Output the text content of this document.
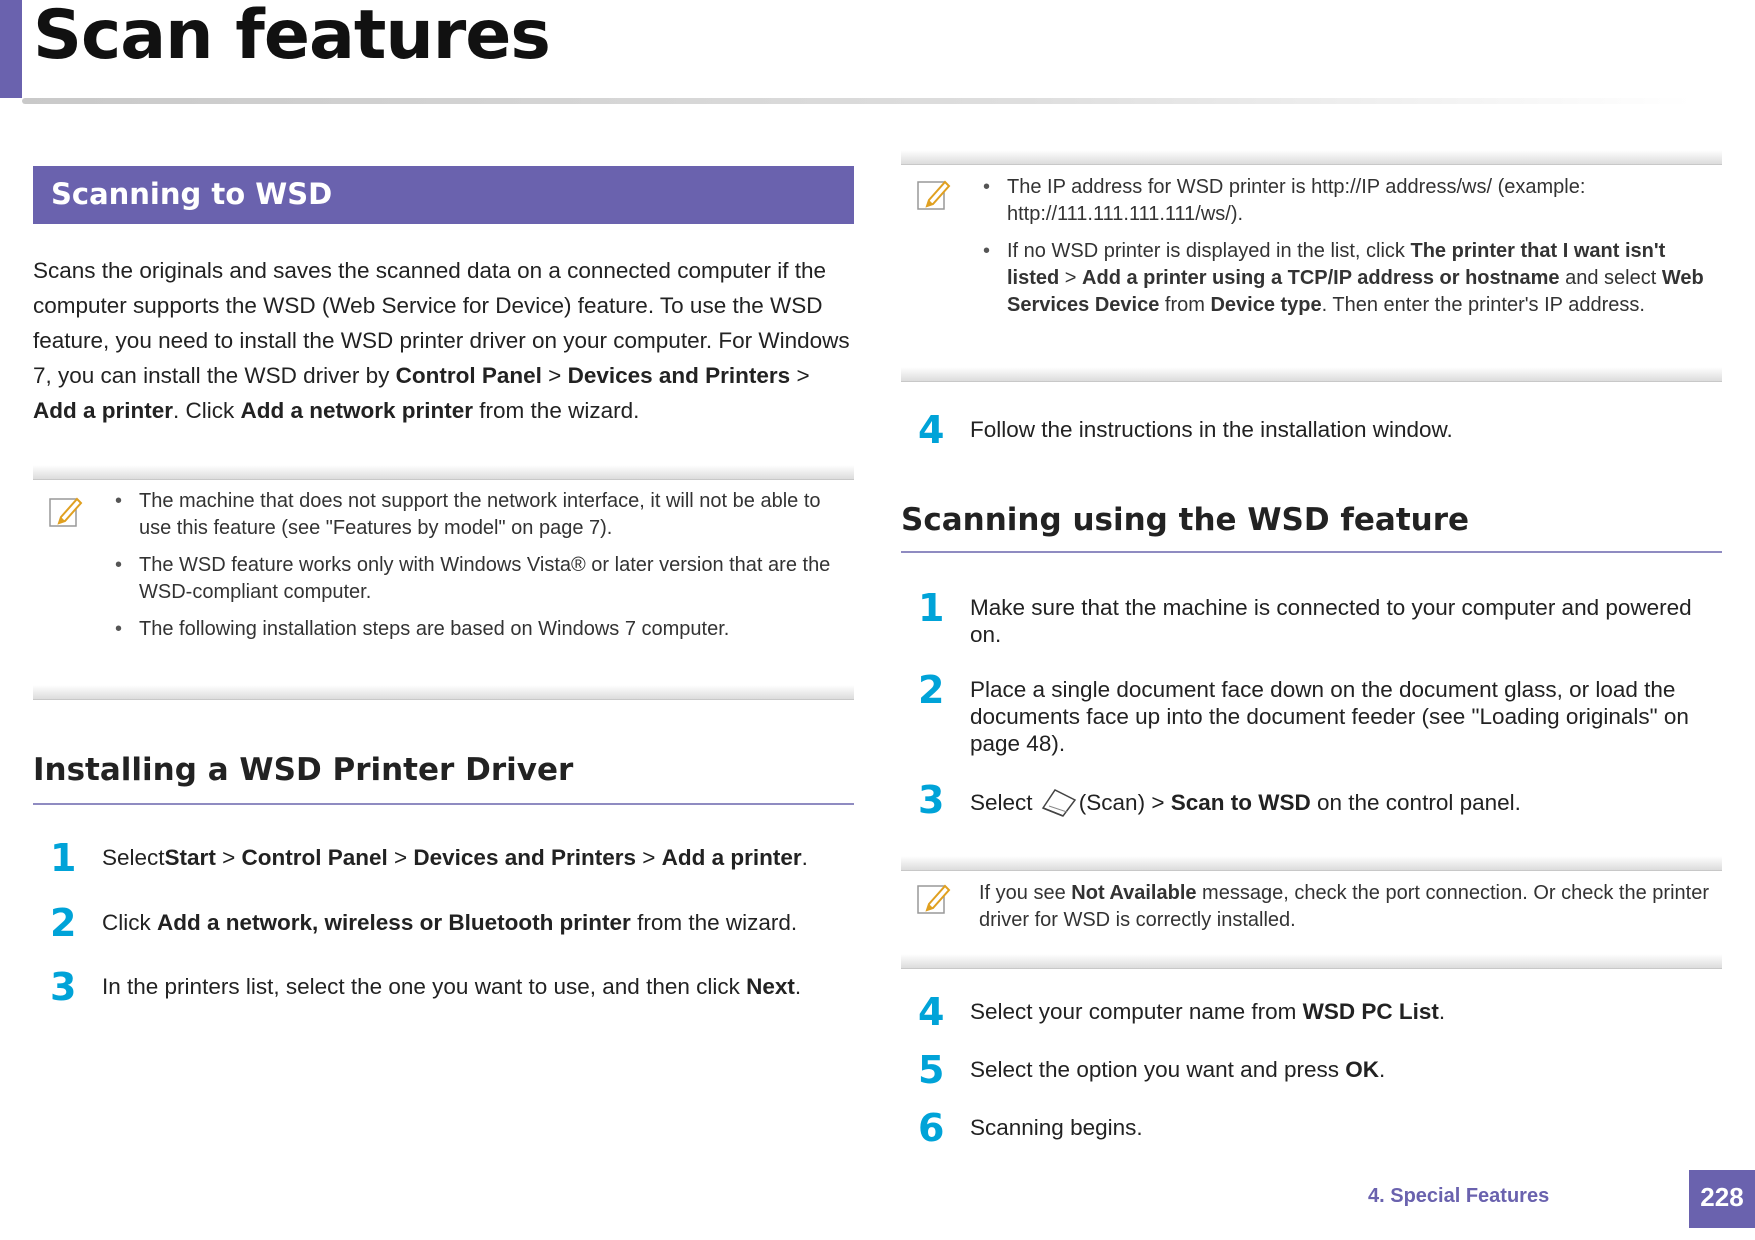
Scan features
Scanning to WSD
Scans the originals and saves the scanned data on a connected computer if the computer supports the WSD (Web Service for Device) feature. To use the WSD feature, you need to install the WSD printer driver on your computer. For Windows 7, you can install the WSD driver by Control Panel > Devices and Printers > Add a printer. Click Add a network printer from the wizard.
• The machine that does not support the network interface, it will not be able to use this feature (see "Features by model" on page 7).
• The WSD feature works only with Windows Vista® or later version that are the WSD-compliant computer.
• The following installation steps are based on Windows 7 computer.
Installing a WSD Printer Driver
1	SelectStart > Control Panel > Devices and Printers > Add a printer.
2	Click Add a network, wireless or Bluetooth printer from the wizard.
3	In the printers list, select the one you want to use, and then click Next.
• The IP address for WSD printer is http://IP address/ws/ (example: http://111.111.111.111/ws/).
• If no WSD printer is displayed in the list, click The printer that I want isn't listed > Add a printer using a TCP/IP address or hostname and select Web Services Device from Device type. Then enter the printer's IP address.
4	Follow the instructions in the installation window.
Scanning using the WSD feature
1	Make sure that the machine is connected to your computer and powered on.
2	Place a single document face down on the document glass, or load the documents face up into the document feeder (see "Loading originals" on page 48).
3	Select (Scan) > Scan to WSD on the control panel.
If you see Not Available message, check the port connection. Or check the printer driver for WSD is correctly installed.
4	Select your computer name from WSD PC List.
5	Select the option you want and press OK.
6	Scanning begins.
4. Special Features	228
